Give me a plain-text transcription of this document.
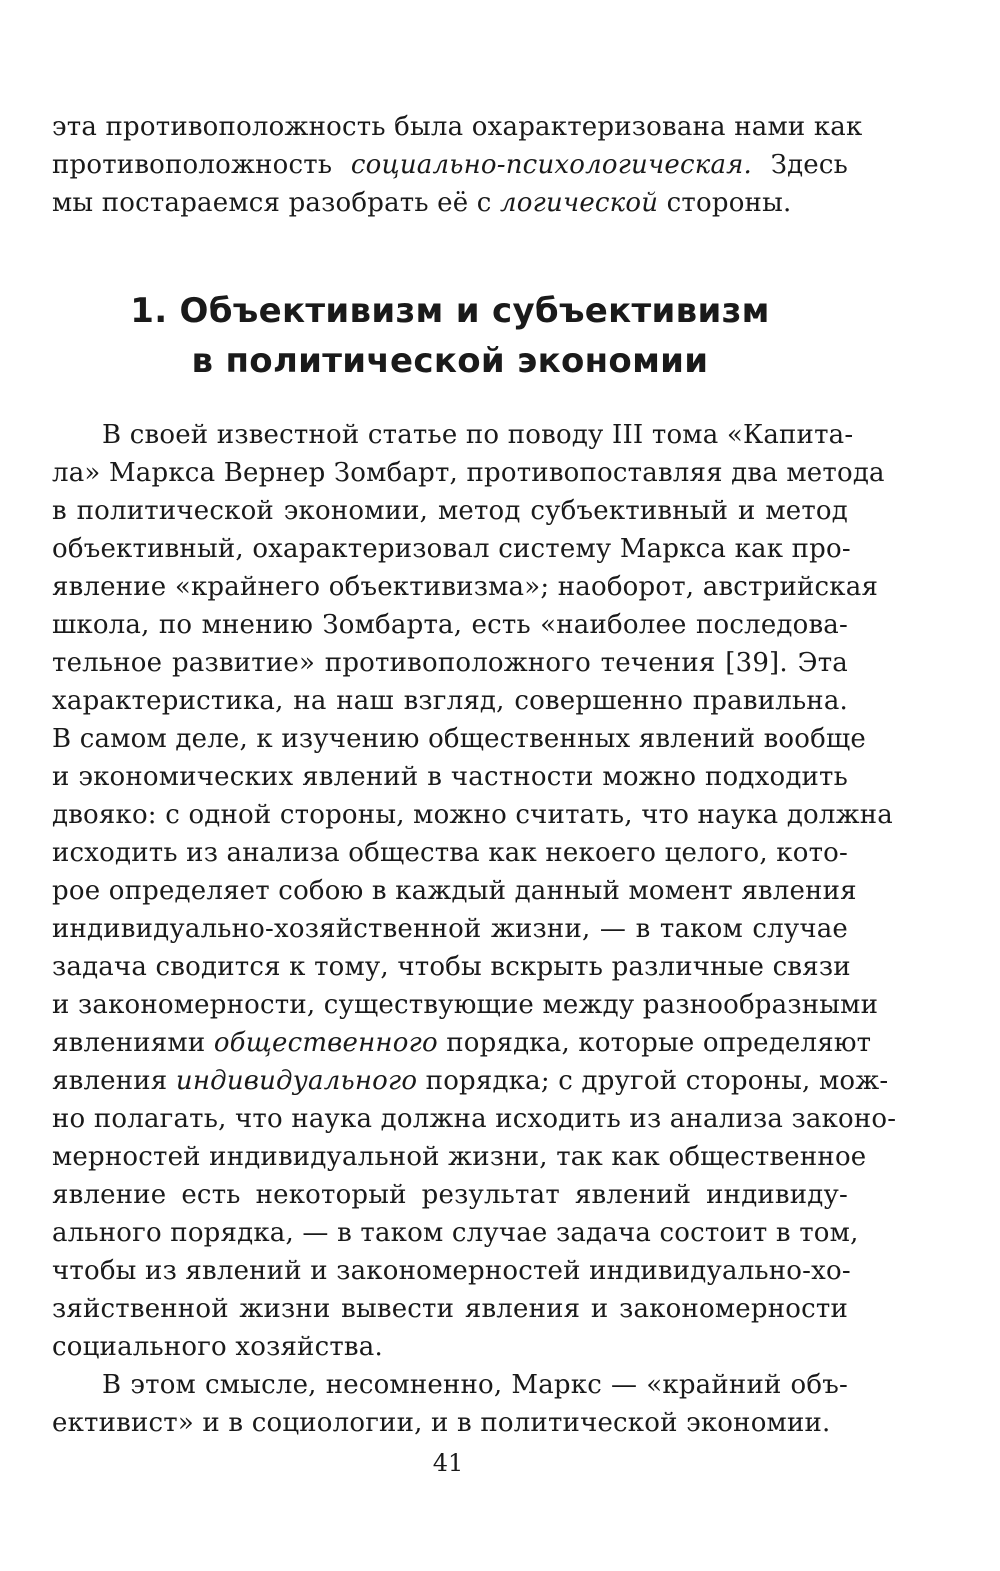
эта противоположность была охарактеризована нами как
противоположность социально-психологическая. Здесь
мы постараемся разобрать её с логической стороны.
1. Объективизм и субъективизм
в политической экономии
В своей известной статье по поводу III тома «Капита-
ла» Маркса Вернер Зомбарт, противопоставляя два метода
в политической экономии, метод субъективный и метод
объективный, охарактеризовал систему Маркса как про-
явление «крайнего объективизма»; наоборот, австрийская
школа, по мнению Зомбарта, есть «наиболее последова-
тельное развитие» противоположного течения [39]. Эта
характеристика, на наш взгляд, совершенно правильна.
В самом деле, к изучению общественных явлений вообще
и экономических явлений в частности можно подходить
двояко: с одной стороны, можно считать, что наука должна
исходить из анализа общества как некоего целого, кото-
рое определяет собою в каждый данный момент явления
индивидуально-хозяйственной жизни, — в таком случае
задача сводится к тому, чтобы вскрыть различные связи
и закономерности, существующие между разнообразными
явлениями общественного порядка, которые определяют
явления индивидуального порядка; с другой стороны, мож-
но полагать, что наука должна исходить из анализа законо-
мерностей индивидуальной жизни, так как общественное
явление есть некоторый результат явлений индивиду-
ального порядка, — в таком случае задача состоит в том,
чтобы из явлений и закономерностей индивидуально-хо-
зяйственной жизни вывести явления и закономерности
социального хозяйства.
В этом смысле, несомненно, Маркс — «крайний объ-
ективист» и в социологии, и в политической экономии.
41
